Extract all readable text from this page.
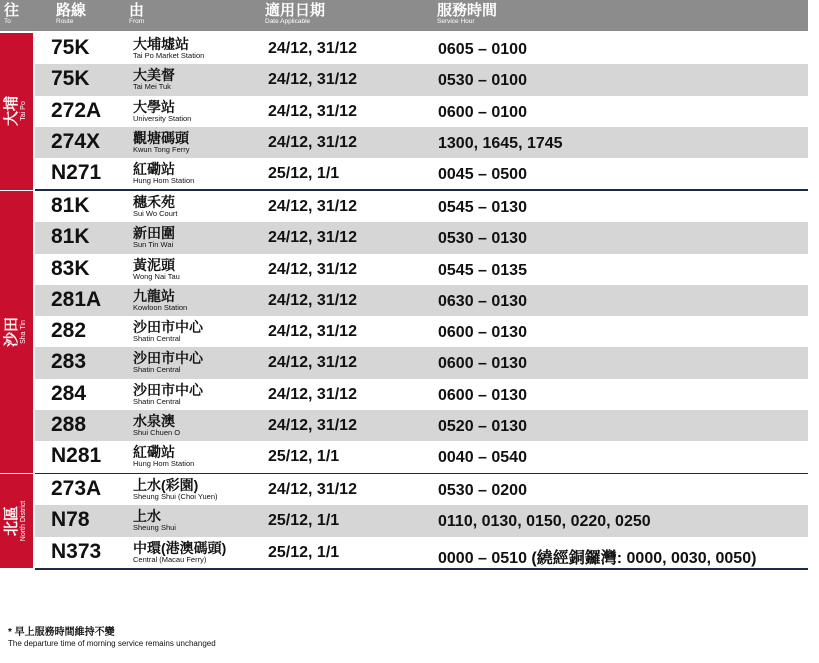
往
To
路線
Route
由
From
適用日期
Date Applicable
服務時間
Service Hour
大埔 Tai Po
75K	大埔墟站
Tai Po Market Station	24/12, 31/12	0605 – 0100
75K	大美督
Tai Mei Tuk	24/12, 31/12	0530 – 0100
272A 大學站
University Station	24/12, 31/12	0600 – 0100
274X 觀塘碼頭
Kwun Tong Ferry	24/12, 31/12	1300, 1645, 1745
N271 紅磡站
Hung Hom Station	25/12, 1/1	0045 – 0500
沙田 Sha Tin
81K	穗禾苑
Sui Wo Court	24/12, 31/12	0545 – 0130
81K	新田圍
Sun Tin Wai	24/12, 31/12	0530 – 0130
83K	黃泥頭
Wong Nai Tau	24/12, 31/12	0545 – 0135
281A 九龍站
Kowloon Station	24/12, 31/12	0630 – 0130
282	沙田市中心
Shatin Central	24/12, 31/12	0600 – 0130
283	沙田市中心
Shatin Central	24/12, 31/12	0600 – 0130
284	沙田市中心
Shatin Central	24/12, 31/12	0600 – 0130
288	水泉澳
Shui Chuen O	24/12, 31/12	0520 – 0130
N281 紅磡站
Hung Hom Station	25/12, 1/1	0040 – 0540
北區 North District
273A 上水(彩園)
Sheung Shui (Choi Yuen)	24/12, 31/12	0530 – 0200
N78	上水
Sheung Shui	25/12, 1/1	0110, 0130, 0150, 0220, 0250
N373 中環(港澳碼頭)
Central (Macau Ferry)	25/12, 1/1	0000 – 0510 (繞經銅鑼灣: 0000, 0030, 0050)
* 早上服務時間維持不變
The departure time of morning service remains unchanged
